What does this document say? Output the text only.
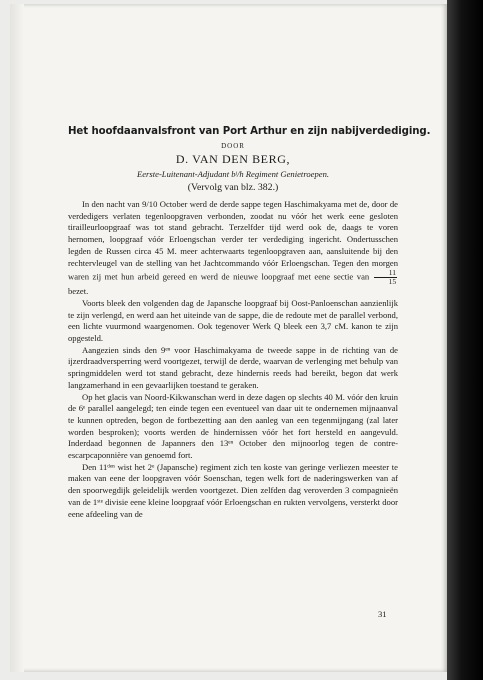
Het hoofdaanvalsfront van Port Arthur en zijn nabijverdediging.
DOOR
D. VAN DEN BERG,
Eerste-Luitenant-Adjudant bʲ/h Regiment Genietroepen.
(Vervolg van blz. 382.)

In den nacht van 9/10 October werd de derde sappe tegen Haschimakyama met de, door de verdedigers verlaten tegenloopgraven verbonden, zoodat nu vóór het werk eene gesloten tirailleurloopgraaf was tot stand gebracht. Terzelfder tijd werd ook de, daags te voren hernomen, loopgraaf vóór Erloengschan verder ter verdediging ingericht. Ondertusschen legden de Russen circa 45 M. meer achterwaarts tegenloopgraven aan, aansluitende bij den rechtervleugel van de stelling van het Jachtcommando vóór Erloengschan. Tegen den morgen waren zij met hun arbeid gereed en werd de nieuwe loopgraaf met eene sectie van $\frac{11}{15}$
bezet.

Voorts bleek den volgenden dag de Japansche loopgraaf bij Oost-Panloenschan aanzienlijk te zijn verlengd, en werd aan het uiteinde van de sappe, die de redoute met de parallel verbond, een lichte vuurmond waargenomen. Ook tegenover Werk Q bleek een 3,7 cM. kanon te zijn opgesteld.

Aangezien sinds den 9ᵉⁿ voor Haschimakyama de tweede sappe in de richting van de ijzerdraadversperring werd voortgezet, terwijl de derde, waarvan de verlenging met behulp van springmiddelen werd tot stand gebracht, deze hindernis reeds had bereikt, begon dat werk langzamerhand in een gevaarlijken toestand te geraken.

Op het glacis van Noord-Kikwanschan werd in deze dagen op slechts 40 M. vóór den kruin de 6ᵉ parallel aangelegd; ten einde tegen een eventueel van daar uit te ondernemen mijnaanval te kunnen optreden, begon de fortbezetting aan den aanleg van een tegenmijngang (zal later worden besproken); voorts werden de hindernissen vóór het fort hersteld en aangevuld. Inderdaad begonnen de Japanners den 13ᵉⁿ October den mijnoorlog tegen de contre-escarpcaponnière van genoemd fort.

Den 11ᵈᵉⁿ wist het 2ᵉ (Japansche) regiment zich ten koste van geringe verliezen meester te maken van eene der loopgraven vóór Soenschan, tegen welk fort de naderingswerken van af den spoorwegdijk geleidelijk werden voortgezet. Dien zelfden dag veroverden 3 compagnieën van de 1ˢᵗᵉ divisie eene kleine loopgraaf vóór Erloengschan en rukten vervolgens, versterkt door eene afdeeling van de

31
